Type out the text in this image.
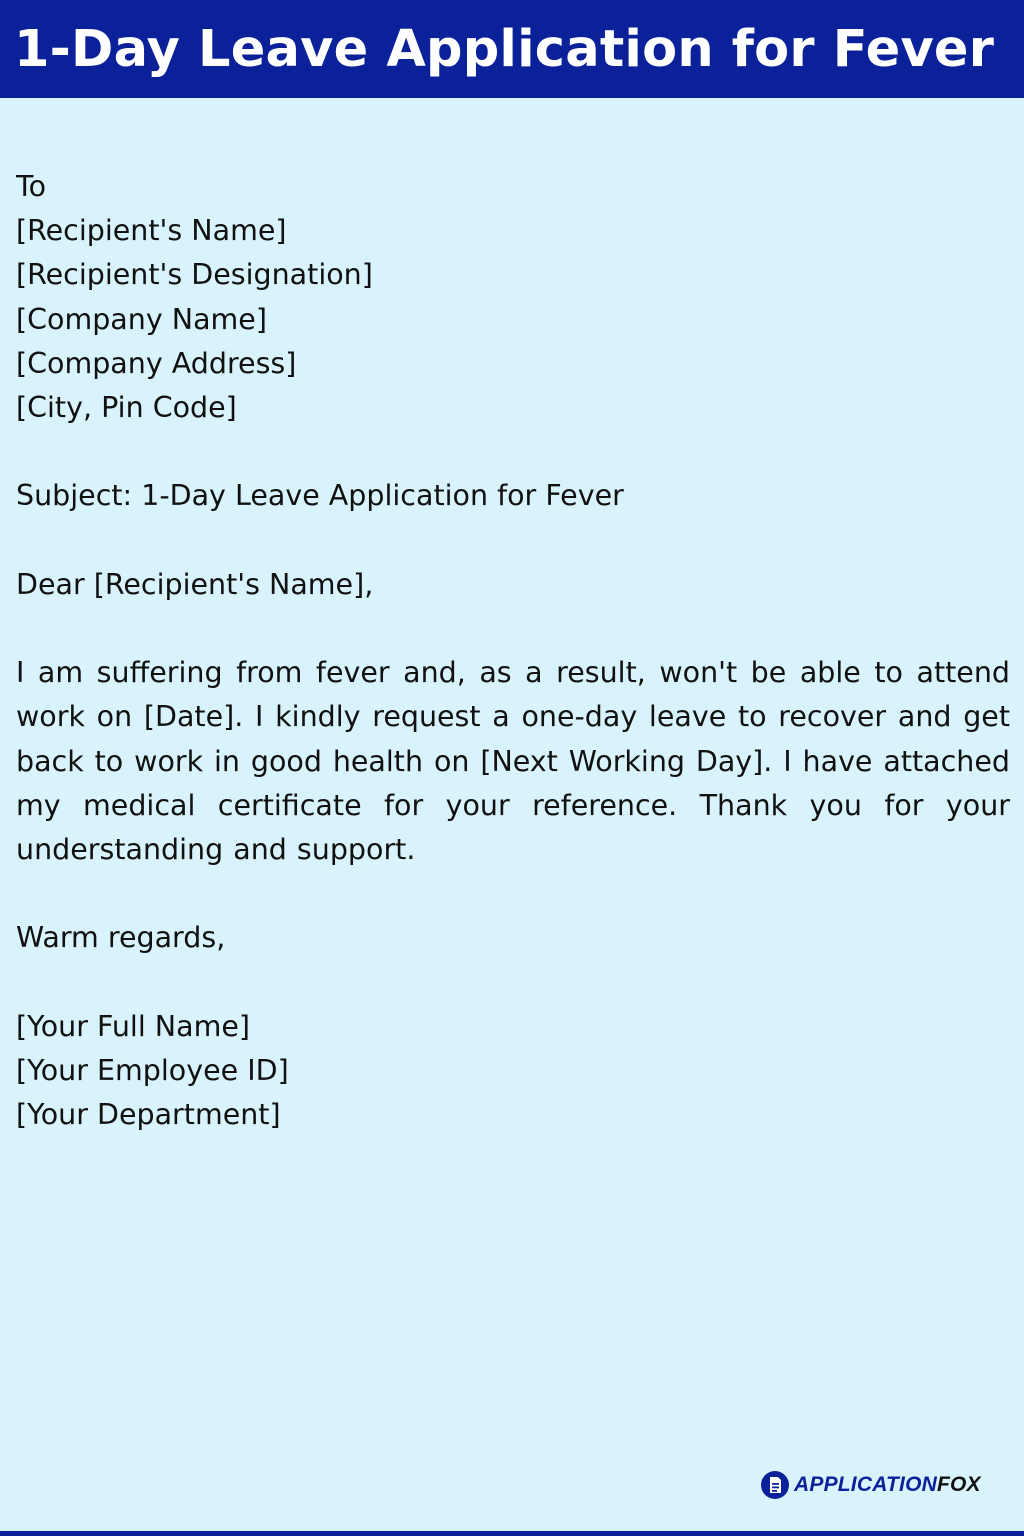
1-Day Leave Application for Fever
To
[Recipient's Name]
[Recipient's Designation]
[Company Name]
[Company Address]
[City, Pin Code]
Subject: 1-Day Leave Application for Fever
Dear [Recipient's Name],
I am suffering from fever and, as a result, won't be able to attend work on [Date]. I kindly request a one-day leave to recover and get back to work in good health on [Next Working Day]. I have attached my medical certificate for your reference. Thank you for your understanding and support.
Warm regards,
[Your Full Name]
[Your Employee ID]
[Your Department]
APPLICATION FOX
